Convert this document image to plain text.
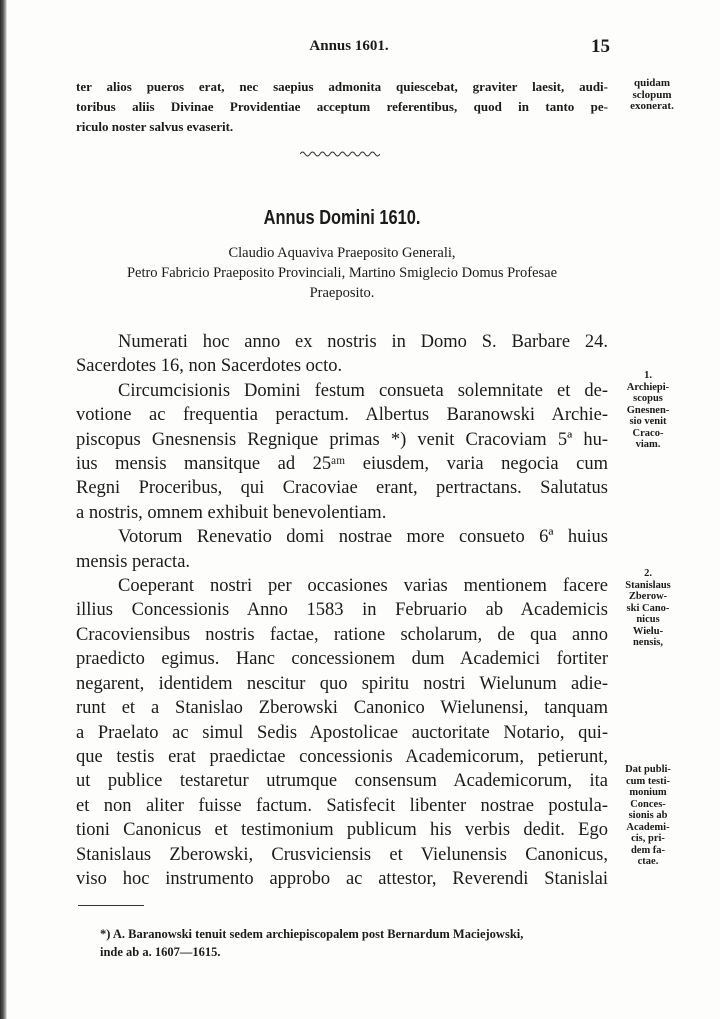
Annus 1601.	15
ter alios pueros erat, nec saepius admonita quiescebat, graviter laesit, audi-
toribus aliis Divinae Providentiae acceptum referentibus, quod in tanto pe-
riculo noster salvus evaserit.
quidam
sclopum
exonerat.
Annus Domini 1610.
Claudio Aquaviva Praeposito Generali,
Petro Fabricio Praeposito Provinciali, Martino Smiglecio Domus Profesae
Praeposito.
Numerati hoc anno ex nostris in Domo S. Barbare 24.
Sacerdotes 16, non Sacerdotes octo.
Circumcisionis Domini festum consueta solemnitate et de-
votione ac frequentia peractum. Albertus Baranowski Archie-
piscopus Gnesnensis Regnique primas *) venit Cracoviam 5ª hu-
ius mensis mansitque ad 25ᵃᵐ eiusdem, varia negocia cum
Regni Proceribus, qui Cracoviae erant, pertractans. Salutatus
a nostris, omnem exhibuit benevolentiam.
Votorum Renevatio domi nostrae more consueto 6ª huius
mensis peracta.
Coeperant nostri per occasiones varias mentionem facere
illius Concessionis Anno 1583 in Februario ab Academicis
Cracoviensibus nostris factae, ratione scholarum, de qua anno
praedicto egimus. Hanc concessionem dum Academici fortiter
negarent, identidem nescitur quo spiritu nostri Wielunum adie-
runt et a Stanislao Zberowski Canonico Wielunensi, tanquam
a Praelato ac simul Sedis Apostolicae auctoritate Notario, qui-
que testis erat praedictae concessionis Academicorum, petierunt,
ut publice testaretur utrumque consensum Academicorum, ita
et non aliter fuisse factum. Satisfecit libenter nostrae postula-
tioni Canonicus et testimonium publicum his verbis dedit. Ego
Stanislaus Zberowski, Crusviciensis et Vielunensis Canonicus,
viso hoc instrumento approbo ac attestor, Reverendi Stanislai
1.
Archiepi-
scopus
Gnesnen-
sio venit
Craco-
viam.
2.
Stanislaus
Zberow-
ski Cano-
nicus
Wielu-
nensis,
Dat publi-
cum testi-
monium
Conces-
sionis ab
Academi-
cis, pri-
dem fa-
ctae.
*) A. Baranowski tenuit sedem archiepiscopalem post Bernardum Maciejowski,
inde ab a. 1607—1615.
